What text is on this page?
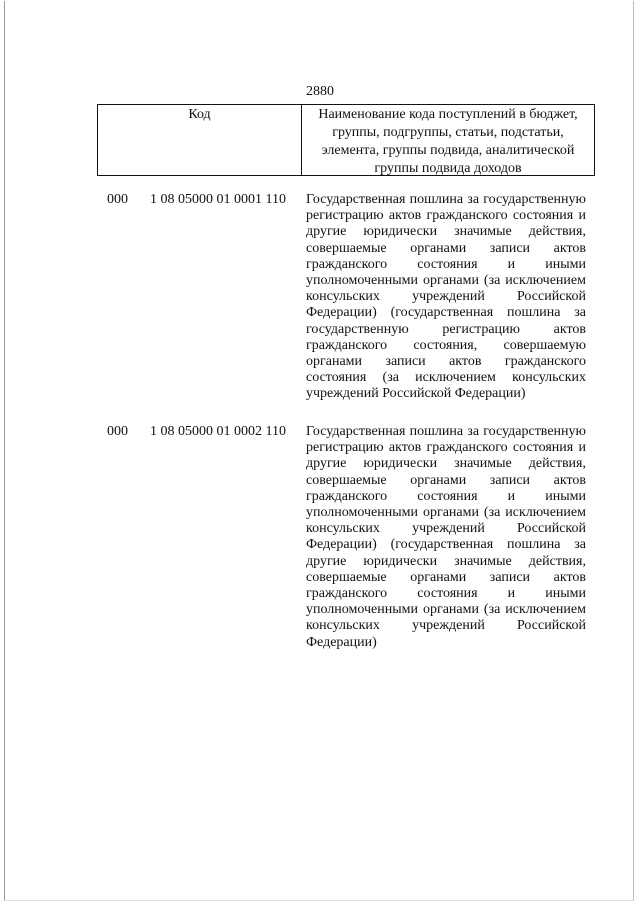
2880
Код	Наименование кода поступлений в бюджет, группы, подгруппы, статьи, подстатьи, элемента, группы подвида, аналитической группы подвида доходов
000 1 08 05000 01 0001 110 Государственная пошлина за государственную регистрацию актов гражданского состояния и другие юридически значимые действия, совершаемые органами записи актов гражданского состояния и иными уполномоченными органами (за исключением консульских учреждений Российской Федерации) (государственная пошлина за государственную регистрацию актов гражданского состояния, совершаемую органами записи актов гражданского состояния (за исключением консульских учреждений Российской Федерации)
000 1 08 05000 01 0002 110 Государственная пошлина за государственную регистрацию актов гражданского состояния и другие юридически значимые действия, совершаемые органами записи актов гражданского состояния и иными уполномоченными органами (за исключением консульских учреждений Российской Федерации) (государственная пошлина за другие юридически значимые действия, совершаемые органами записи актов гражданского состояния и иными уполномоченными органами (за исключением консульских учреждений Российской Федерации)
